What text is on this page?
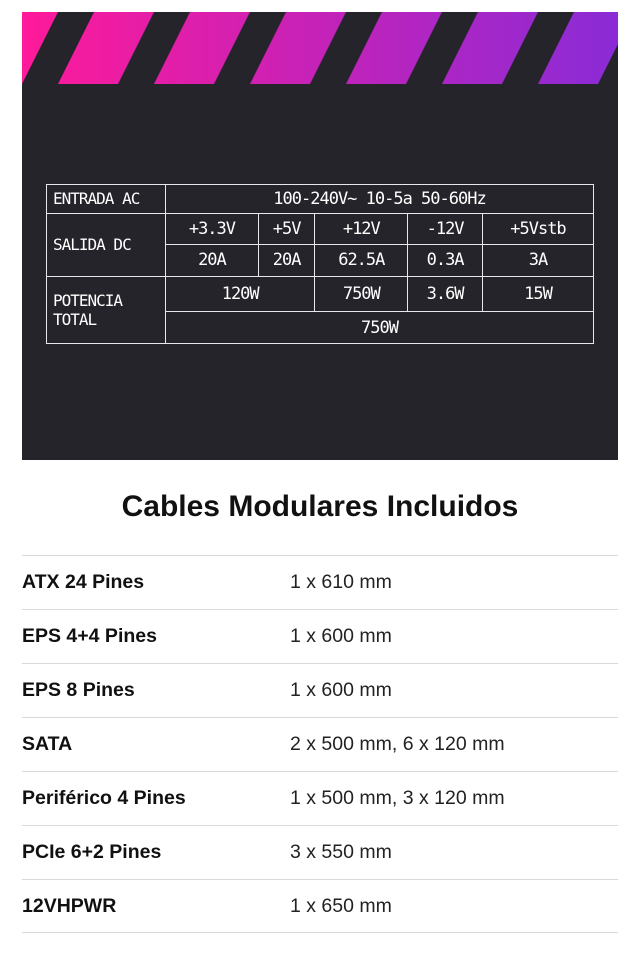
ENTRADA AC	100-240V~ 10-5a 50-60Hz				
SALIDA DC	+3.3V	+5V	+12V	-12V	+5Vstb
	20A	20A	62.5A	0.3A	3A
POTENCIA TOTAL	120W		750W	3.6W	15W
	750W				
Cables Modulares Incluidos
ATX 24 Pines	1 x 610 mm
EPS 4+4 Pines	1 x 600 mm
EPS 8 Pines	1 x 600 mm
SATA	2 x 500 mm, 6 x 120 mm
Periférico 4 Pines	1 x 500 mm, 3 x 120 mm
PCIe 6+2 Pines	3 x 550 mm
12VHPWR	1 x 650 mm
